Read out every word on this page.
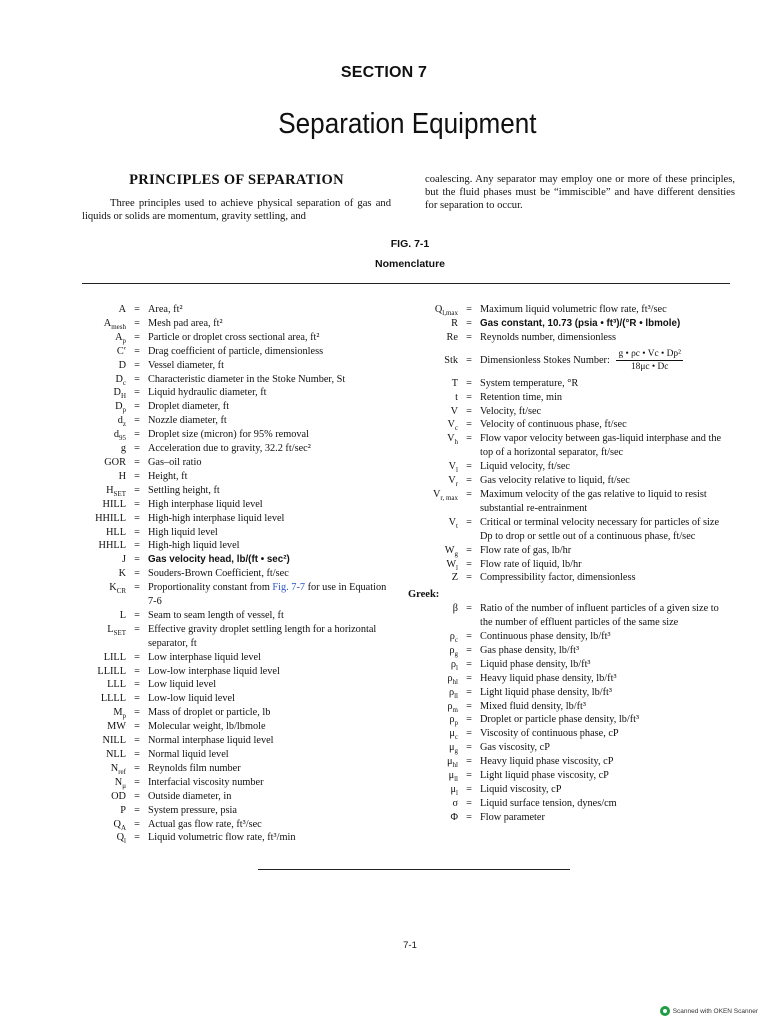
SECTION 7
Separation Equipment
PRINCIPLES OF SEPARATION

Three principles used to achieve physical separation of gas and liquids or solids are momentum, gravity settling, and

coalescing. Any separator may employ one or more of these principles, but the fluid phases must be “immiscible” and have different densities for separation to occur.

FIG. 7-1
Nomenclature
A = Area, ft²
$A_{mesh}$ = Mesh pad area, ft²
$A_p$ = Particle or droplet cross sectional area, ft²
C′ = Drag coefficient of particle, dimensionless
D = Vessel diameter, ft
$D_c$ = Characteristic diameter in the Stoke Number, St
$D_H$ = Liquid hydraulic diameter, ft
$D_p$ = Droplet diameter, ft
$d_z$ = Nozzle diameter, ft
$d_{95}$ = Droplet size (micron) for 95% removal
g = Acceleration due to gravity, 32.2 ft/sec²
GOR = Gas–oil ratio
H = Height, ft
$H_{SET}$ = Settling height, ft
HILL = High interphase liquid level
HHILL = High-high interphase liquid level
HLL = High liquid level
HHLL = High-high liquid level
J = Gas velocity head, lb/(ft • sec²)
K = Souders-Brown Coefficient, ft/sec
$K_{CR}$ = Proportionality constant from Fig. 7-7 for use in Equation 7-6
L = Seam to seam length of vessel, ft
$L_{SET}$ = Effective gravity droplet settling length for a horizontal separator, ft
LILL = Low interphase liquid level
LLILL = Low-low interphase liquid level
LLL = Low liquid level
LLLL = Low-low liquid level
$M_p$ = Mass of droplet or particle, lb
MW = Molecular weight, lb/lbmole
NILL = Normal interphase liquid level
NLL = Normal liquid level
$N_{ref}$ = Reynolds film number
$N_\mu$ = Interfacial viscosity number
OD = Outside diameter, in
P = System pressure, psia
$Q_A$ = Actual gas flow rate, ft³/sec
$Q_l$ = Liquid volumetric flow rate, ft³/min
$Q_{l,max}$ = Maximum liquid volumetric flow rate, ft³/sec
R = Gas constant, 10.73 (psia • ft³)/(°R • lbmole)
Re = Reynolds number, dimensionless
Stk = Dimensionless Stokes Number: $\frac{\text{g • ρc • Vc • Dp²}}{18\mu c • Dc}$
T = System temperature, °R
t = Retention time, min
V = Velocity, ft/sec
$V_c$ = Velocity of continuous phase, ft/sec
$V_h$ = Flow vapor velocity between gas-liquid interphase and the top of a horizontal separator, ft/sec
$V_l$ = Liquid velocity, ft/sec
$V_r$ = Gas velocity relative to liquid, ft/sec
$V_{r, max}$ = Maximum velocity of the gas relative to liquid to resist substantial re-entrainment
$V_t$ = Critical or terminal velocity necessary for particles of size Dp to drop or settle out of a continuous phase, ft/sec
$W_g$ = Flow rate of gas, lb/hr
$W_l$ = Flow rate of liquid, lb/hr
Z = Compressibility factor, dimensionless
Greek:
β = Ratio of the number of influent particles of a given size to the number of effluent particles of the same size
$\rho_c$ = Continuous phase density, lb/ft³
$\rho_g$ = Gas phase density, lb/ft³
$\rho_l$ = Liquid phase density, lb/ft³
$\rho_{hl}$ = Heavy liquid phase density, lb/ft³
$\rho_{ll}$ = Light liquid phase density, lb/ft³
$\rho_m$ = Mixed fluid density, lb/ft³
$\rho_p$ = Droplet or particle phase density, lb/ft³
$\mu_c$ = Viscosity of continuous phase, cP
$\mu_g$ = Gas viscosity, cP
$\mu_{hl}$ = Heavy liquid phase viscosity, cP
$\mu_{ll}$ = Light liquid phase viscosity, cP
$\mu_l$ = Liquid viscosity, cP
σ = Liquid surface tension, dynes/cm
Φ = Flow parameter
7-1
Scanned with OKEN Scanner
